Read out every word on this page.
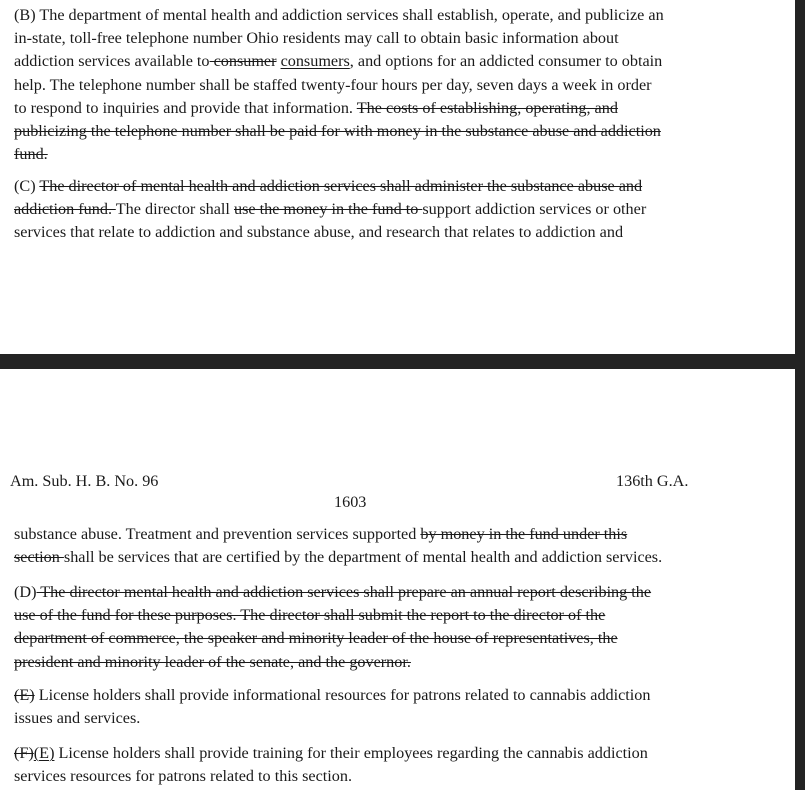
(B) The department of mental health and addiction services shall establish, operate, and publicize an
in-state, toll-free telephone number Ohio residents may call to obtain basic information about
addiction services available to consumer consumers, and options for an addicted consumer to obtain
help. The telephone number shall be staffed twenty-four hours per day, seven days a week in order
to respond to inquiries and provide that information. The costs of establishing, operating, and
publicizing the telephone number shall be paid for with money in the substance abuse and addiction
fund.
(C) The director of mental health and addiction services shall administer the substance abuse and
addiction fund. The director shall use the money in the fund to support addiction services or other
services that relate to addiction and substance abuse, and research that relates to addiction and
Am. Sub. H. B. No. 96	136th G.A.
1603
substance abuse. Treatment and prevention services supported by money in the fund under this
section shall be services that are certified by the department of mental health and addiction services.
(D) The director mental health and addiction services shall prepare an annual report describing the
use of the fund for these purposes. The director shall submit the report to the director of the
department of commerce, the speaker and minority leader of the house of representatives, the
president and minority leader of the senate, and the governor.
(E) License holders shall provide informational resources for patrons related to cannabis addiction
issues and services.
(F)(E) License holders shall provide training for their employees regarding the cannabis addiction
services resources for patrons related to this section.
